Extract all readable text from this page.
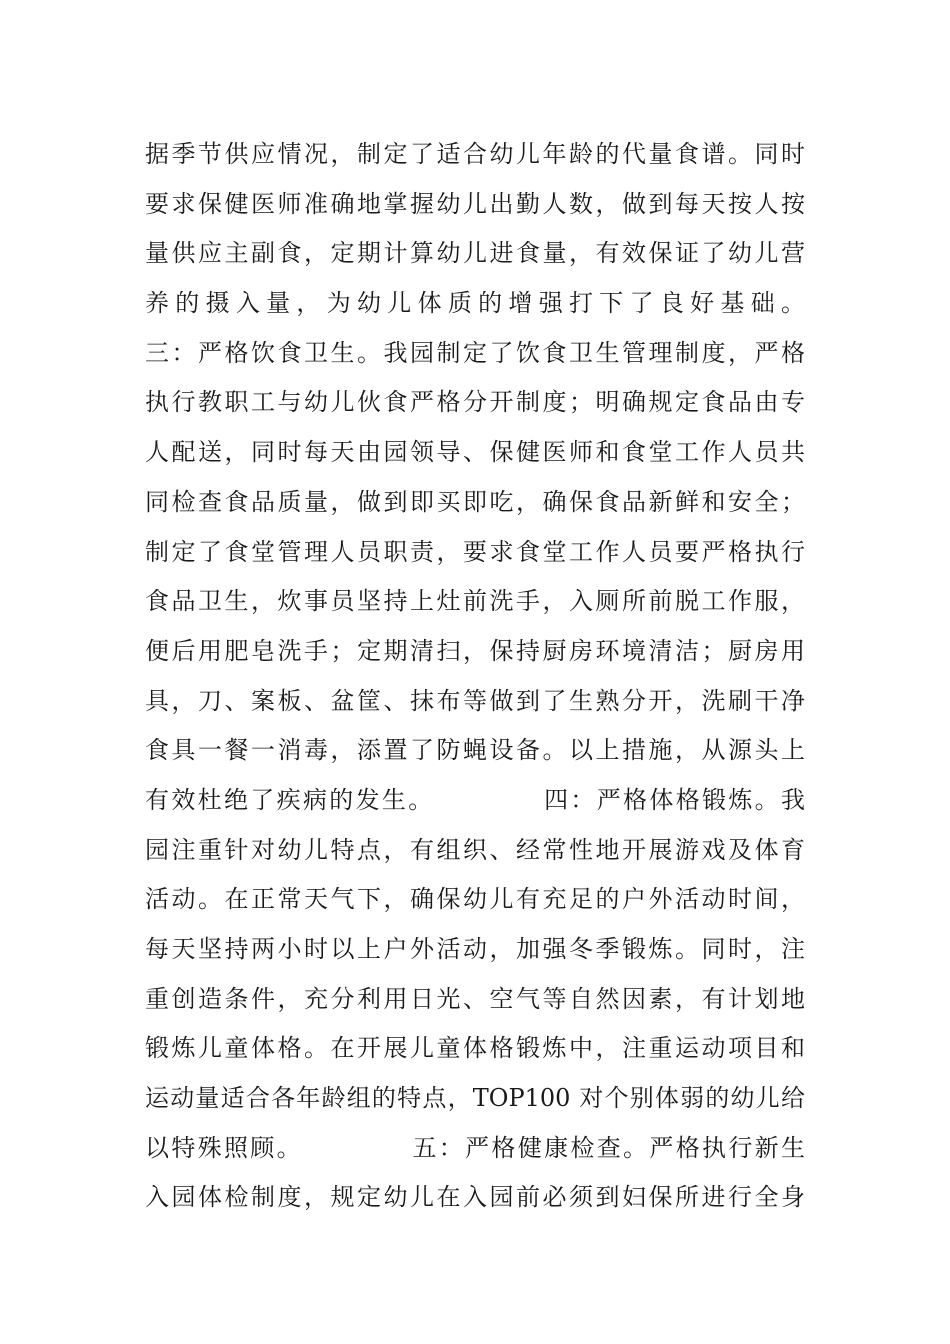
据季节供应情况，制定了适合幼儿年龄的代量食谱。同时
要求保健医师准确地掌握幼儿出勤人数，做到每天按人按
量供应主副食，定期计算幼儿进食量，有效保证了幼儿营
养的摄入量，为幼儿体质的增强打下了良好基础。
三：严格饮食卫生。我园制定了饮食卫生管理制度，严格
执行教职工与幼儿伙食严格分开制度；明确规定食品由专
人配送，同时每天由园领导、保健医师和食堂工作人员共
同检查食品质量，做到即买即吃，确保食品新鲜和安全；
制定了食堂管理人员职责，要求食堂工作人员要严格执行
食品卫生，炊事员坚持上灶前洗手，入厕所前脱工作服，
便后用肥皂洗手；定期清扫，保持厨房环境清洁；厨房用
具，刀、案板、盆筐、抹布等做到了生熟分开，洗刷干净
食具一餐一消毒，添置了防蝇设备。以上措施，从源头上
有效杜绝了疾病的发生。           四：严格体格锻炼。我
园注重针对幼儿特点，有组织、经常性地开展游戏及体育
活动。在正常天气下，确保幼儿有充足的户外活动时间，
每天坚持两小时以上户外活动，加强冬季锻炼。同时，注
重创造条件，充分利用日光、空气等自然因素，有计划地
锻炼儿童体格。在开展儿童体格锻炼中，注重运动项目和
运动量适合各年龄组的特点，TOP100 对个别体弱的幼儿给
以特殊照顾。           五：严格健康检查。严格执行新生
入园体检制度，规定幼儿在入园前必须到妇保所进行全身
